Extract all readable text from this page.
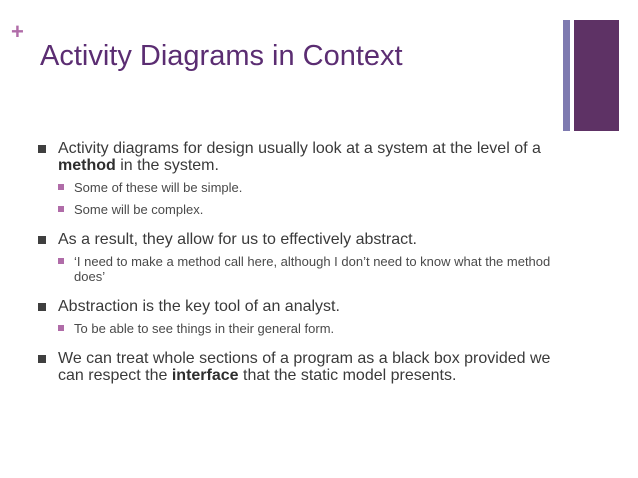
+
Activity Diagrams in Context
Activity diagrams for design usually look at a system at the level of a method in the system.
Some of these will be simple.
Some will be complex.
As a result, they allow for us to effectively abstract.
‘I need to make a method call here, although I don’t need to know what the method does’
Abstraction is the key tool of an analyst.
To be able to see things in their general form.
We can treat whole sections of a program as a black box provided we can respect the interface that the static model presents.
